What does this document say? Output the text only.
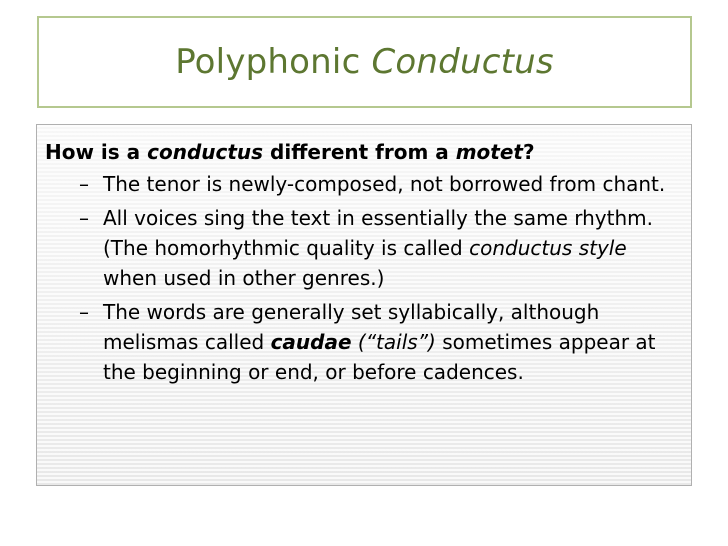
Polyphonic Conductus
How is a conductus different from a motet?
– The tenor is newly-composed, not borrowed from chant.
– All voices sing the text in essentially the same rhythm. (The homorhythmic quality is called conductus style when used in other genres.)
– The words are generally set syllabically, although melismas called caudae (“tails”) sometimes appear at the beginning or end, or before cadences.
